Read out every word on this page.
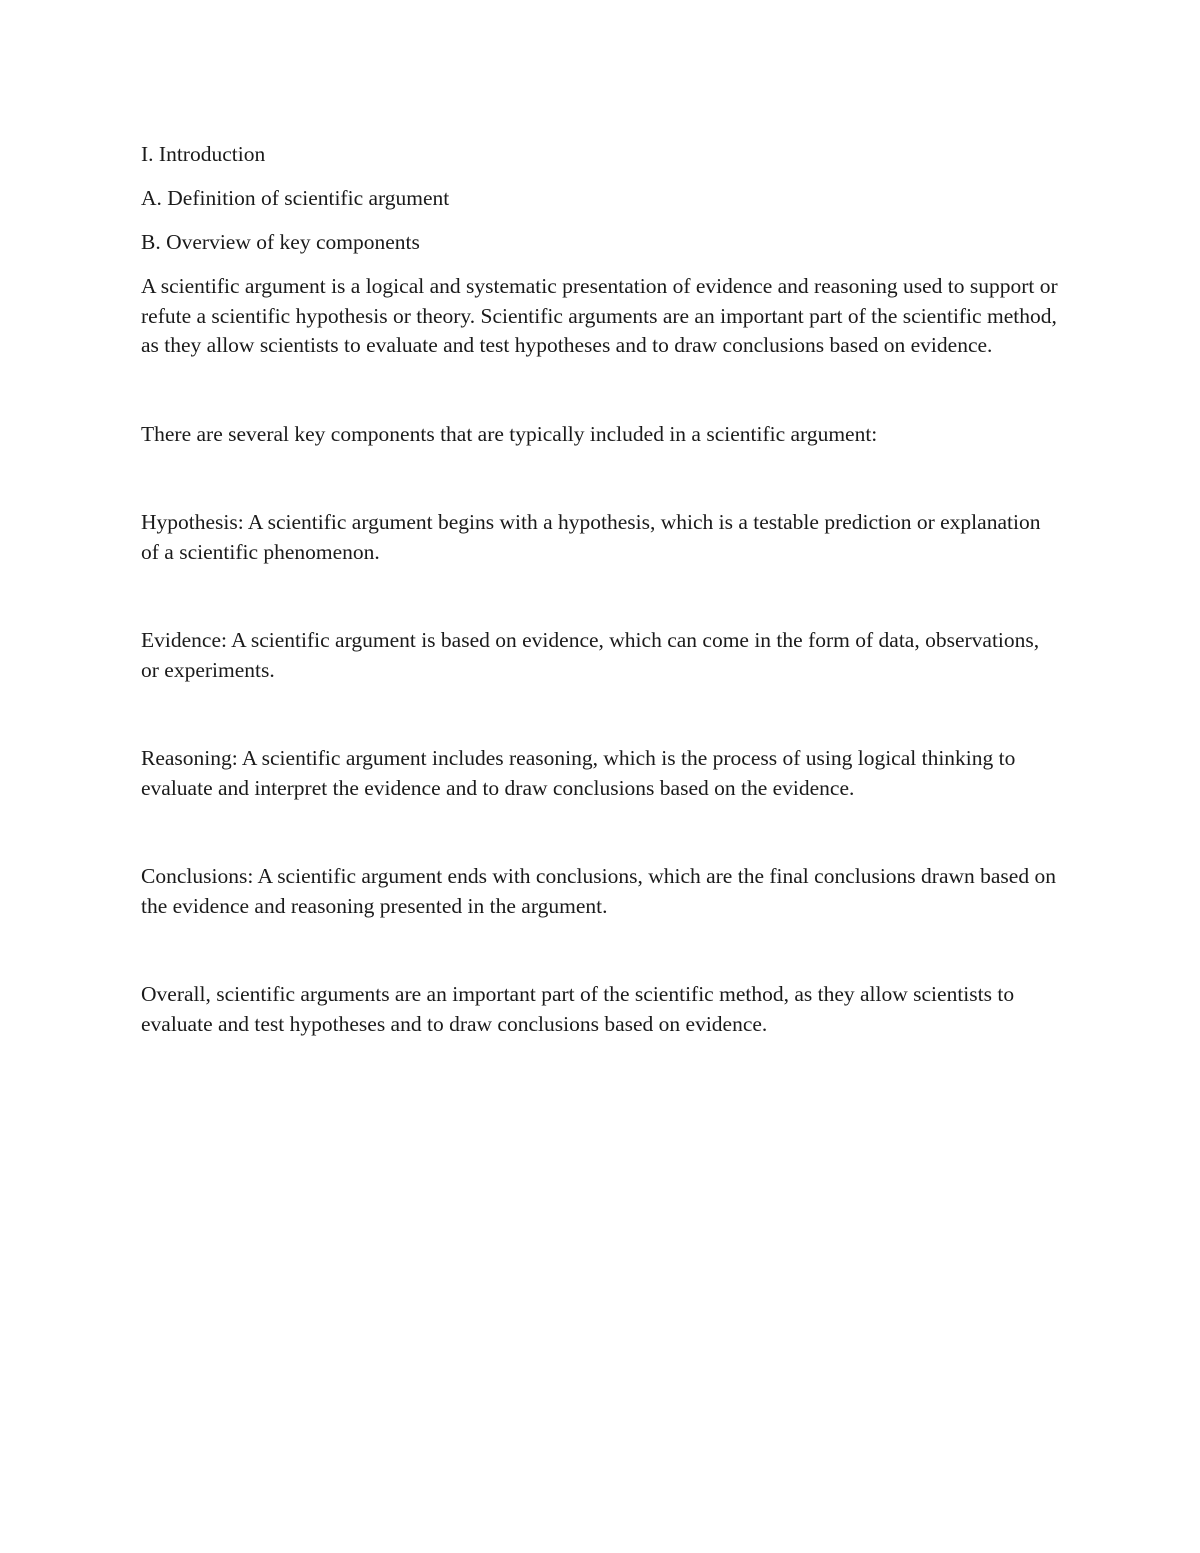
I. Introduction

A. Definition of scientific argument

B. Overview of key components

A scientific argument is a logical and systematic presentation of evidence and reasoning used to support or refute a scientific hypothesis or theory. Scientific arguments are an important part of the scientific method, as they allow scientists to evaluate and test hypotheses and to draw conclusions based on evidence.

There are several key components that are typically included in a scientific argument:

Hypothesis: A scientific argument begins with a hypothesis, which is a testable prediction or explanation of a scientific phenomenon.

Evidence: A scientific argument is based on evidence, which can come in the form of data, observations, or experiments.

Reasoning: A scientific argument includes reasoning, which is the process of using logical thinking to evaluate and interpret the evidence and to draw conclusions based on the evidence.

Conclusions: A scientific argument ends with conclusions, which are the final conclusions drawn based on the evidence and reasoning presented in the argument.

Overall, scientific arguments are an important part of the scientific method, as they allow scientists to evaluate and test hypotheses and to draw conclusions based on evidence.
